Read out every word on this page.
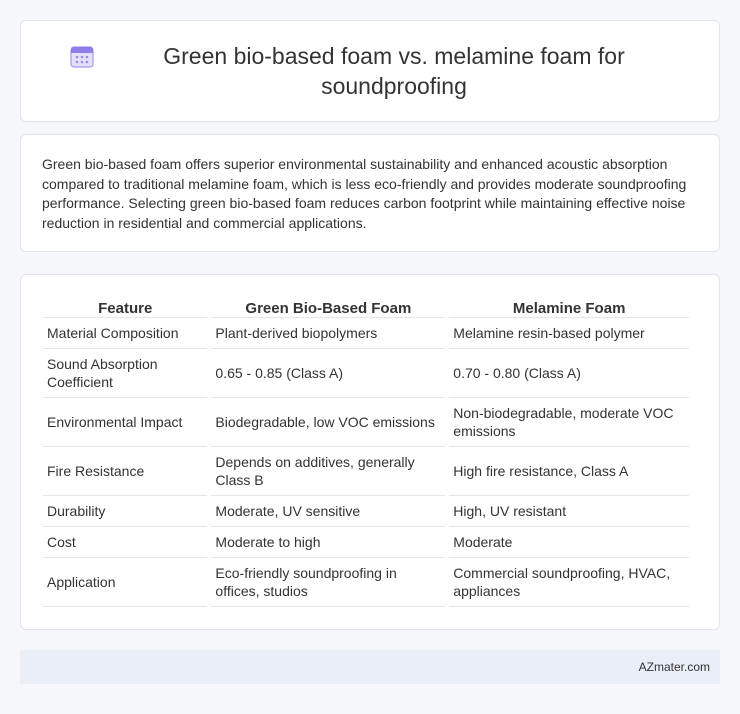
Green bio-based foam vs. melamine foam for soundproofing

Green bio-based foam offers superior environmental sustainability and enhanced acoustic absorption compared to traditional melamine foam, which is less eco-friendly and provides moderate soundproofing performance. Selecting green bio-based foam reduces carbon footprint while maintaining effective noise reduction in residential and commercial applications.

Feature	Green Bio-Based Foam	Melamine Foam
Material Composition	Plant-derived biopolymers	Melamine resin-based polymer
Sound Absorption Coefficient	0.65 - 0.85 (Class A)	0.70 - 0.80 (Class A)
Environmental Impact	Biodegradable, low VOC emissions	Non-biodegradable, moderate VOC emissions
Fire Resistance	Depends on additives, generally Class B	High fire resistance, Class A
Durability	Moderate, UV sensitive	High, UV resistant
Cost	Moderate to high	Moderate
Application	Eco-friendly soundproofing in offices, studios	Commercial soundproofing, HVAC, appliances
AZmater.com
